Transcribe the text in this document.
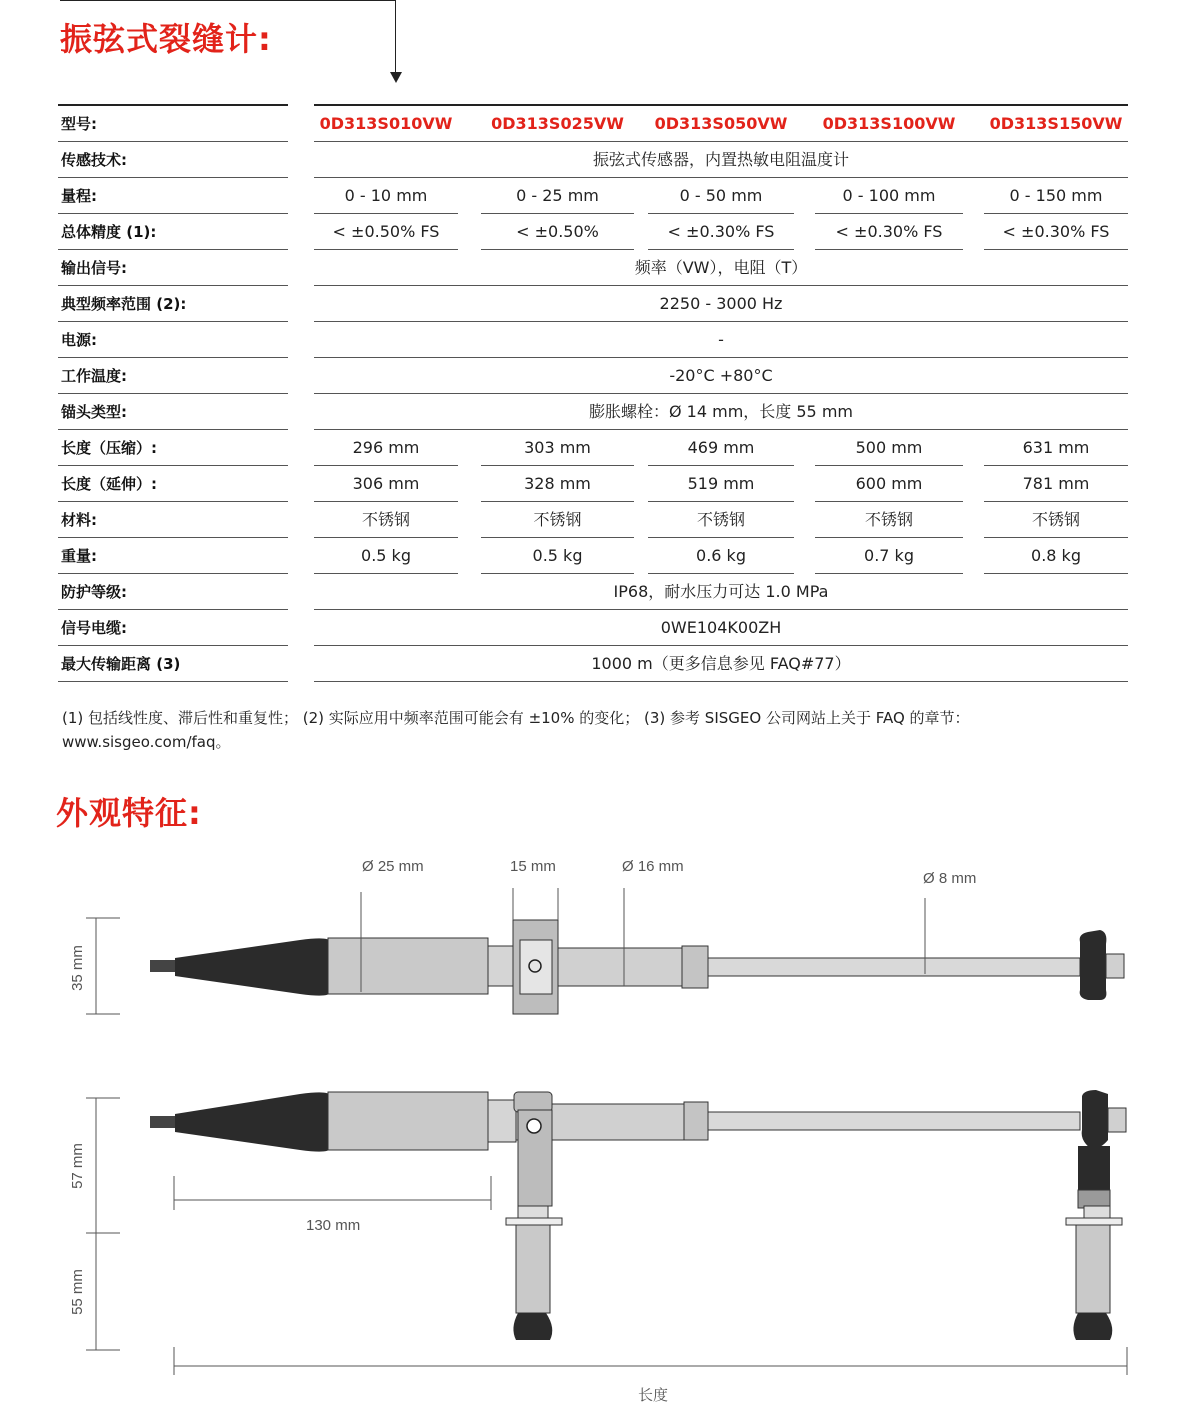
振弦式裂缝计:
型号:	0D313S010VW	0D313S025VW	0D313S050VW	0D313S100VW	0D313S150VW
传感技术:	振弦式传感器，内置热敏电阻温度计
量程:	0 - 10 mm	0 - 25 mm	0 - 50 mm	0 - 100 mm	0 - 150 mm
总体精度 (1):	< ±0.50% FS	< ±0.50%	< ±0.30% FS	< ±0.30% FS	< ±0.30% FS
输出信号:	频率（VW），电阻（T）
典型频率范围 (2):	2250 - 3000 Hz
电源:	-
工作温度:	-20°C +80°C
锚头类型:	膨胀螺栓：Ø 14 mm，长度 55 mm
长度（压缩）:	296 mm	303 mm	469 mm	500 mm	631 mm
长度（延伸）:	306 mm	328 mm	519 mm	600 mm	781 mm
材料:	不锈钢	不锈钢	不锈钢	不锈钢	不锈钢
重量:	0.5 kg	0.5 kg	0.6 kg	0.7 kg	0.8 kg
防护等级:	IP68，耐水压力可达 1.0 MPa
信号电缆:	0WE104K00ZH
最大传输距离 (3)	1000 m（更多信息参见 FAQ#77）
(1) 包括线性度、滞后性和重复性； (2) 实际应用中频率范围可能会有 ±10% 的变化； (3) 参考 SISGEO 公司网站上关于 FAQ 的章节：
www.sisgeo.com/faq。
外观特征:
35 mm
Ø 25 mm	15 mm	Ø 16 mm
Ø 8 mm
57 mm
55 mm
130 mm
长度
